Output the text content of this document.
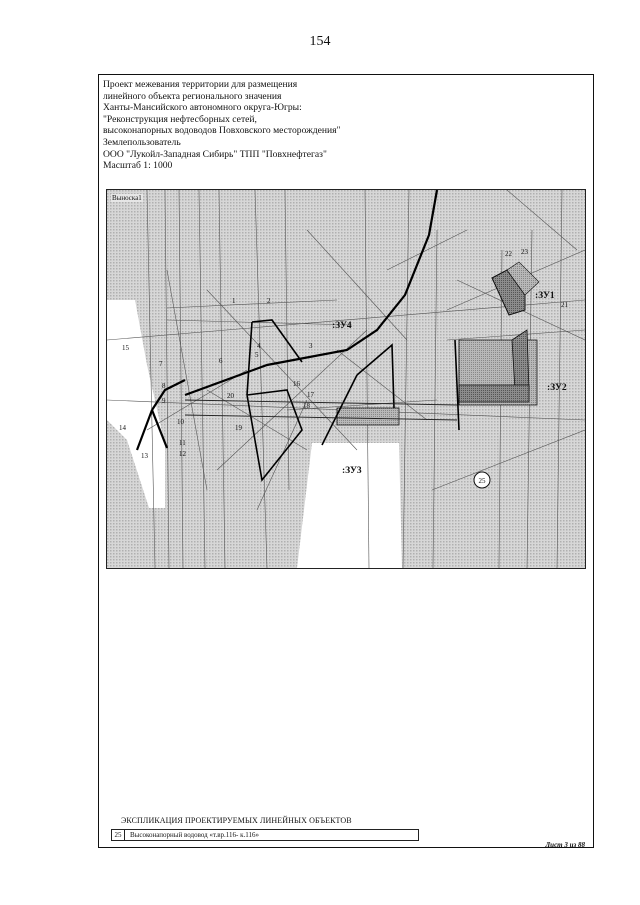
154
Проект межевания территории для размещения
линейного объекта регионального значения
Ханты-Мансийского автономного округа-Югры:
"Реконструкция нефтесборных сетей,
высоконапорных водоводов Повховского месторождения"
Землепользователь
ООО "Лукойл-Западная Сибирь" ТПП "Повхнефтегаз"
Масштаб 1: 1000
25
:ЗУ1
:ЗУ2
:ЗУ3
:ЗУ4
1	2
3
4
5
6
7
8
9
10
11
12
13
14
15
16
17
18
19
20
21
22 23
Выноска1
ЭКСПЛИКАЦИЯ ПРОЕКТИРУЕМЫХ ЛИНЕЙНЫХ ОБЪЕКТОВ
25	Высоконапорный водовод «т.вр.116- к.116»
Лист 3 из 88
